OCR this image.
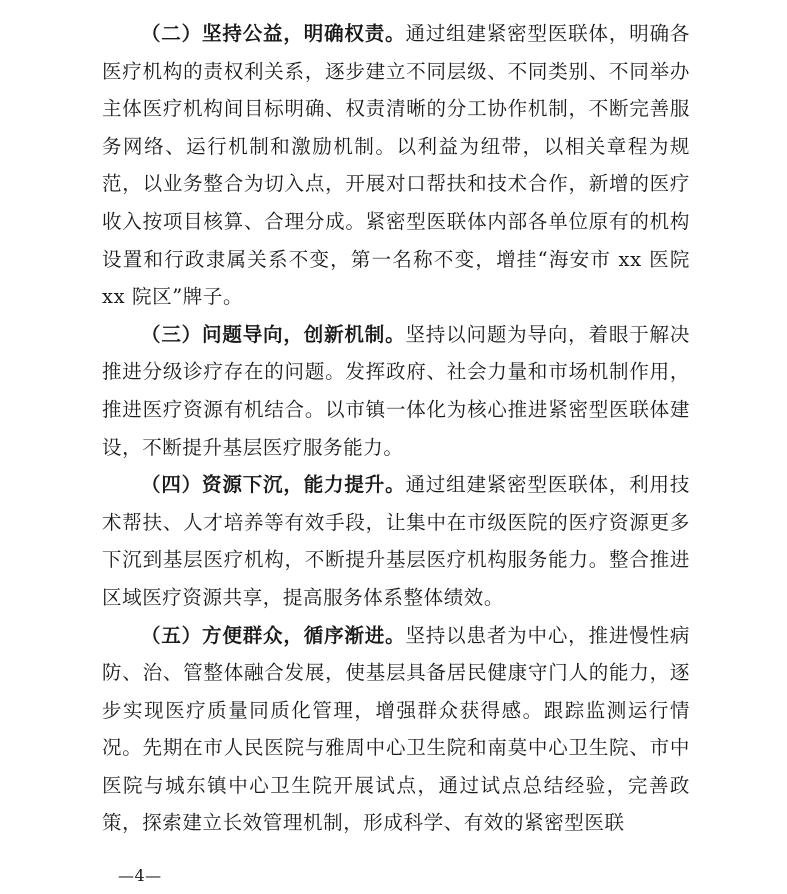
（二）坚持公益，明确权责。通过组建紧密型医联体，明确各医疗机构的责权利关系，逐步建立不同层级、不同类别、不同举办主体医疗机构间目标明确、权责清晰的分工协作机制，不断完善服务网络、运行机制和激励机制。以利益为纽带，以相关章程为规范，以业务整合为切入点，开展对口帮扶和技术合作，新增的医疗收入按项目核算、合理分成。紧密型医联体内部各单位原有的机构设置和行政隶属关系不变，第一名称不变，增挂“海安市 xx 医院 xx 院区”牌子。

（三）问题导向，创新机制。坚持以问题为导向，着眼于解决推进分级诊疗存在的问题。发挥政府、社会力量和市场机制作用，推进医疗资源有机结合。以市镇一体化为核心推进紧密型医联体建设，不断提升基层医疗服务能力。

（四）资源下沉，能力提升。通过组建紧密型医联体，利用技术帮扶、人才培养等有效手段，让集中在市级医院的医疗资源更多下沉到基层医疗机构，不断提升基层医疗机构服务能力。整合推进区域医疗资源共享，提高服务体系整体绩效。

（五）方便群众，循序渐进。坚持以患者为中心，推进慢性病防、治、管整体融合发展，使基层具备居民健康守门人的能力，逐步实现医疗质量同质化管理，增强群众获得感。跟踪监测运行情况。先期在市人民医院与雅周中心卫生院和南莫中心卫生院、市中医院与城东镇中心卫生院开展试点，通过试点总结经验，完善政策，探索建立长效管理机制，形成科学、有效的紧密型医联

—4—
